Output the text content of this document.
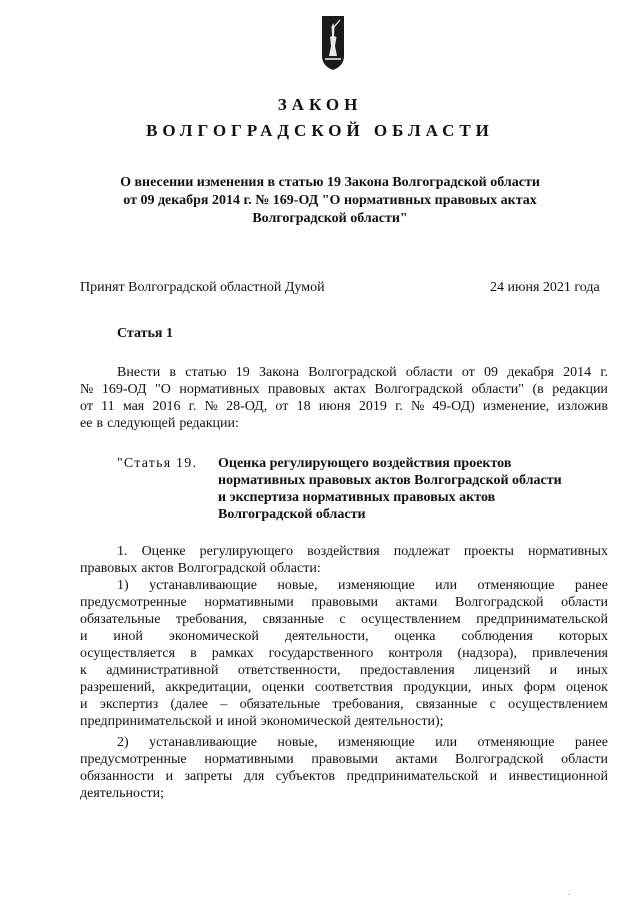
ЗАКОН
ВОЛГОГРАДСКОЙ ОБЛАСТИ
О внесении изменения в статью 19 Закона Волгоградской области
от 09 декабря 2014 г. № 169-ОД "О нормативных правовых актах
Волгоградской области"
Принят Волгоградской областной Думой	24 июня 2021 года
Статья 1
Внести в статью 19 Закона Волгоградской области от 09 декабря 2014 г.
№ 169-ОД "О нормативных правовых актах Волгоградской области" (в редакции
от 11 мая 2016 г. № 28-ОД, от 18 июня 2019 г. № 49-ОД) изменение, изложив
ее в следующей редакции:
"Статья 19. Оценка регулирующего воздействия проектов
нормативных правовых актов Волгоградской области
и экспертиза нормативных правовых актов
Волгоградской области
1. Оценке регулирующего воздействия подлежат проекты нормативных
правовых актов Волгоградской области:
1) устанавливающие новые, изменяющие или отменяющие ранее
предусмотренные нормативными правовыми актами Волгоградской области
обязательные требования, связанные с осуществлением предпринимательской
и иной экономической деятельности, оценка соблюдения которых
осуществляется в рамках государственного контроля (надзора), привлечения
к административной ответственности, предоставления лицензий и иных
разрешений, аккредитации, оценки соответствия продукции, иных форм оценок
и экспертиз (далее – обязательные требования, связанные с осуществлением
предпринимательской и иной экономической деятельности);
2) устанавливающие новые, изменяющие или отменяющие ранее
предусмотренные нормативными правовыми актами Волгоградской области
обязанности и запреты для субъектов предпринимательской и инвестиционной
деятельности;
.
